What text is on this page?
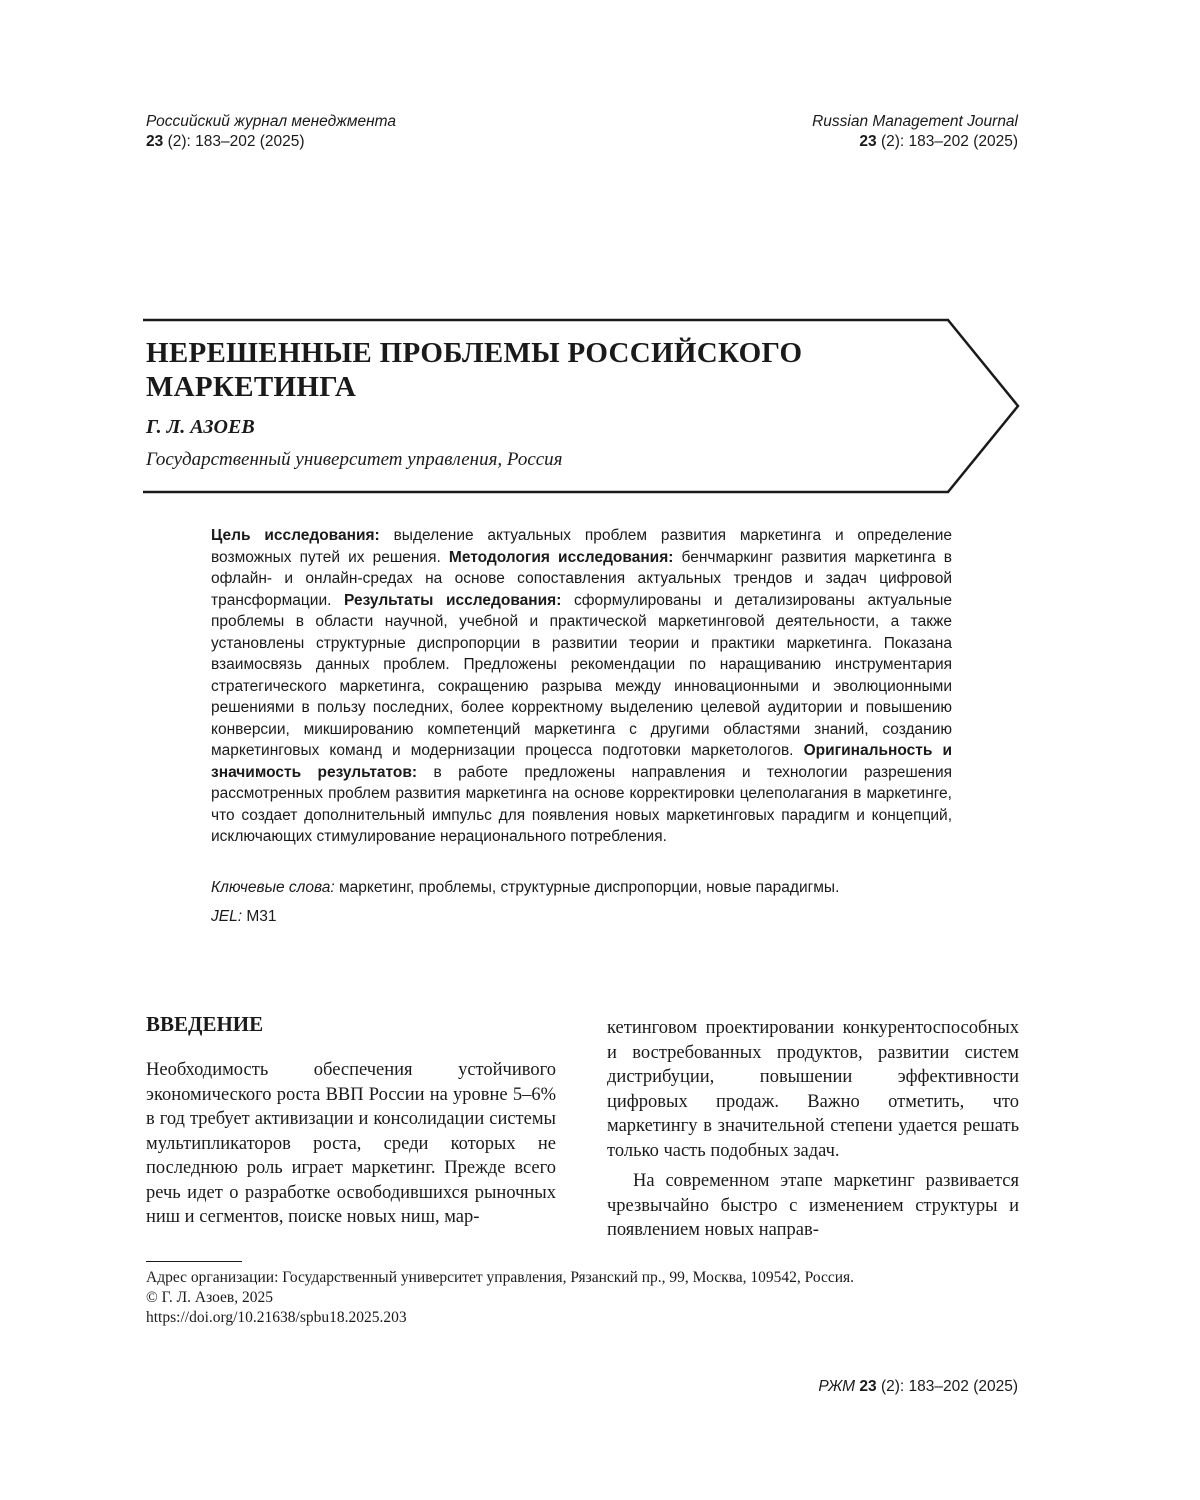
Российский журнал менеджмента
23 (2): 183–202 (2025)
Russian Management Journal
23 (2): 183–202 (2025)
НЕРЕШЕННЫЕ ПРОБЛЕМЫ РОССИЙСКОГО МАРКЕТИНГА
Г. Л. АЗОЕВ
Государственный университет управления, Россия

Цель исследования: выделение актуальных проблем развития маркетинга и определение возможных путей их решения. Методология исследования: бенчмаркинг развития маркетинга в офлайн- и онлайн-средах на основе сопоставления актуальных трендов и задач цифровой трансформации. Результаты исследования: сформулированы и детализированы актуальные проблемы в области научной, учебной и практической маркетинговой деятельности, а также установлены структурные диспропорции в развитии теории и практики маркетинга. Показана взаимосвязь данных проблем. Предложены рекомендации по наращиванию инструментария стратегического маркетинга, сокращению разрыва между инновационными и эволюционными решениями в пользу последних, более корректному выделению целевой аудитории и повышению конверсии, микшированию компетенций маркетинга с другими областями знаний, созданию маркетинговых команд и модернизации процесса подготовки маркетологов. Оригинальность и значимость результатов: в работе предложены направления и технологии разрешения рассмотренных проблем развития маркетинга на основе корректировки целеполагания в маркетинге, что создает дополнительный импульс для появления новых маркетинговых парадигм и концепций, исключающих стимулирование нерационального потребления.

Ключевые слова: маркетинг, проблемы, структурные диспропорции, новые парадигмы.
JEL: M31
ВВЕДЕНИЕ

Необходимость обеспечения устойчивого экономического роста ВВП России на уровне 5–6% в год требует активизации и консолидации системы мультипликаторов роста, среди которых не последнюю роль играет маркетинг. Прежде всего речь идет о разработке освободившихся рыночных ниш и сегментов, поиске новых ниш, мар-

кетинговом проектировании конкурентоспособных и востребованных продуктов, развитии систем дистрибуции, повышении эффективности цифровых продаж. Важно отметить, что маркетингу в значительной степени удается решать только часть подобных задач.

На современном этапе маркетинг развивается чрезвычайно быстро с изменением структуры и появлением новых направ-

Адрес организации: Государственный университет управления, Рязанский пр., 99, Москва, 109542, Россия.
© Г. Л. Азоев, 2025
https://doi.org/10.21638/spbu18.2025.203
РЖМ 23 (2): 183–202 (2025)
